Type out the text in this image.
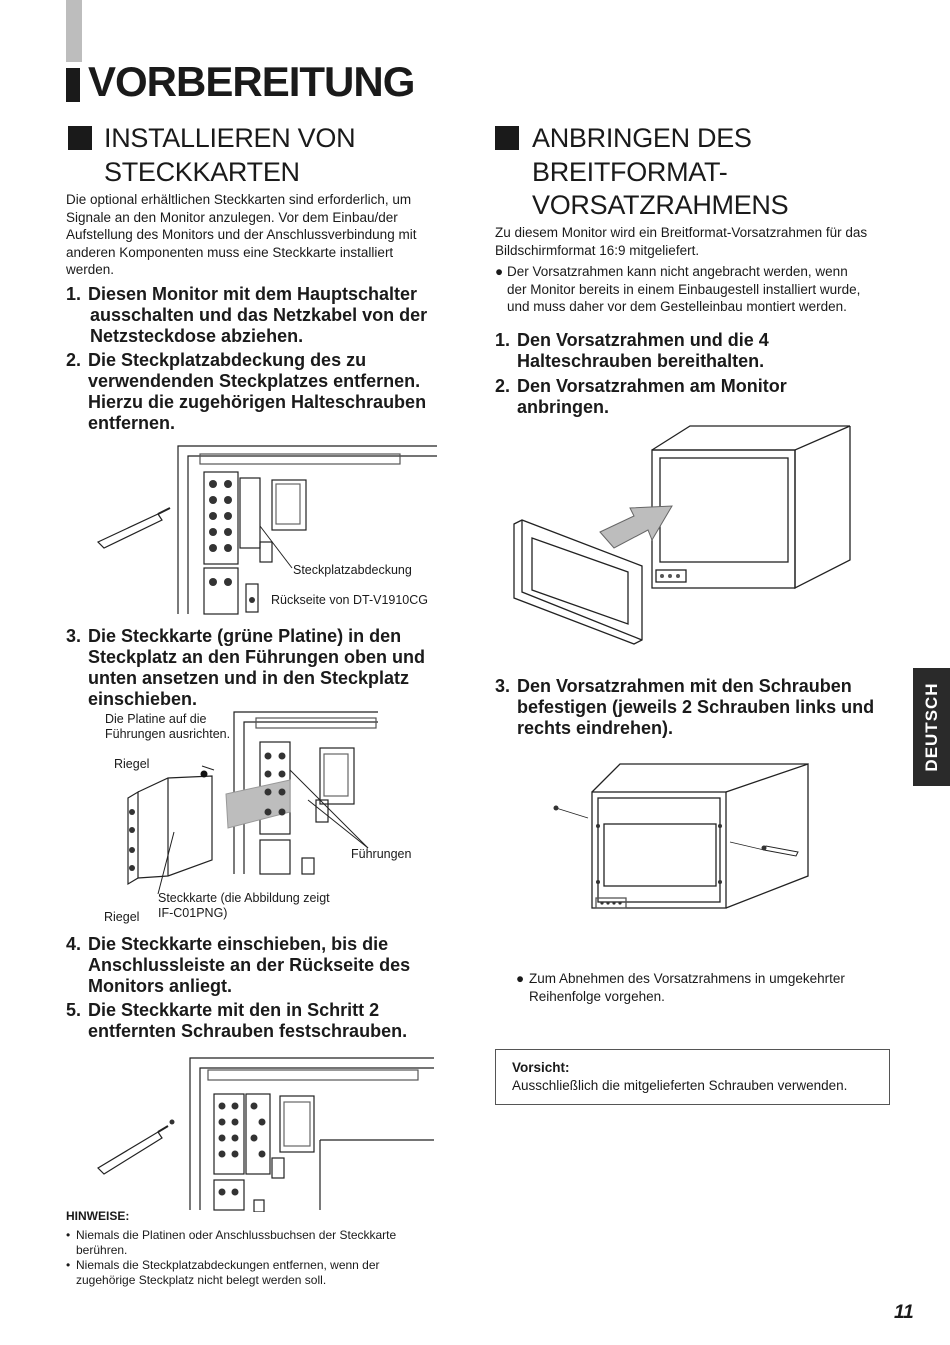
VORBEREITUNG
INSTALLIEREN VON
STECKKARTEN
Die optional erhältlichen Steckkarten sind erforderlich, um
Signale an den Monitor anzulegen. Vor dem Einbau/der
Aufstellung des Monitors und der Anschlussverbindung mit
anderen Komponenten muss eine Steckkarte installiert
werden.
1. Diesen Monitor mit dem Hauptschalter
ausschalten und das Netzkabel von der
Netzsteckdose abziehen.
2. Die Steckplatzabdeckung des zu
verwendenden Steckplatzes entfernen.
Hierzu die zugehörigen Halteschrauben
entfernen.
Steckplatzabdeckung
Rückseite von DT-V1910CG
3. Die Steckkarte (grüne Platine) in den
Steckplatz an den Führungen oben und
unten ansetzen und in den Steckplatz
einschieben.
Die Platine auf die
Führungen ausrichten.
Riegel
Riegel
Führungen
Steckkarte (die Abbildung zeigt
IF-C01PNG)
4. Die Steckkarte einschieben, bis die
Anschlussleiste an der Rückseite des
Monitors anliegt.
5. Die Steckkarte mit den in Schritt 2
entfernten Schrauben festschrauben.
HINWEISE:
• Niemals die Platinen oder Anschlussbuchsen der Steckkarte
berühren.
• Niemals die Steckplatzabdeckungen entfernen, wenn der
zugehörige Steckplatz nicht belegt werden soll.
ANBRINGEN DES
BREITFORMAT-
VORSATZRAHMENS
Zu diesem Monitor wird ein Breitformat-Vorsatzrahmen für das
Bildschirmformat 16:9 mitgeliefert.
● Der Vorsatzrahmen kann nicht angebracht werden, wenn
der Monitor bereits in einem Einbaugestell installiert wurde,
und muss daher vor dem Gestelleinbau montiert werden.
1. Den Vorsatzrahmen und die 4
Halteschrauben bereithalten.
2. Den Vorsatzrahmen am Monitor
anbringen.
3. Den Vorsatzrahmen mit den Schrauben
befestigen (jeweils 2 Schrauben links und
rechts eindrehen).
● Zum Abnehmen des Vorsatzrahmens in umgekehrter
Reihenfolge vorgehen.
Vorsicht:
Ausschließlich die mitgelieferten Schrauben verwenden.
DEUTSCH
11
